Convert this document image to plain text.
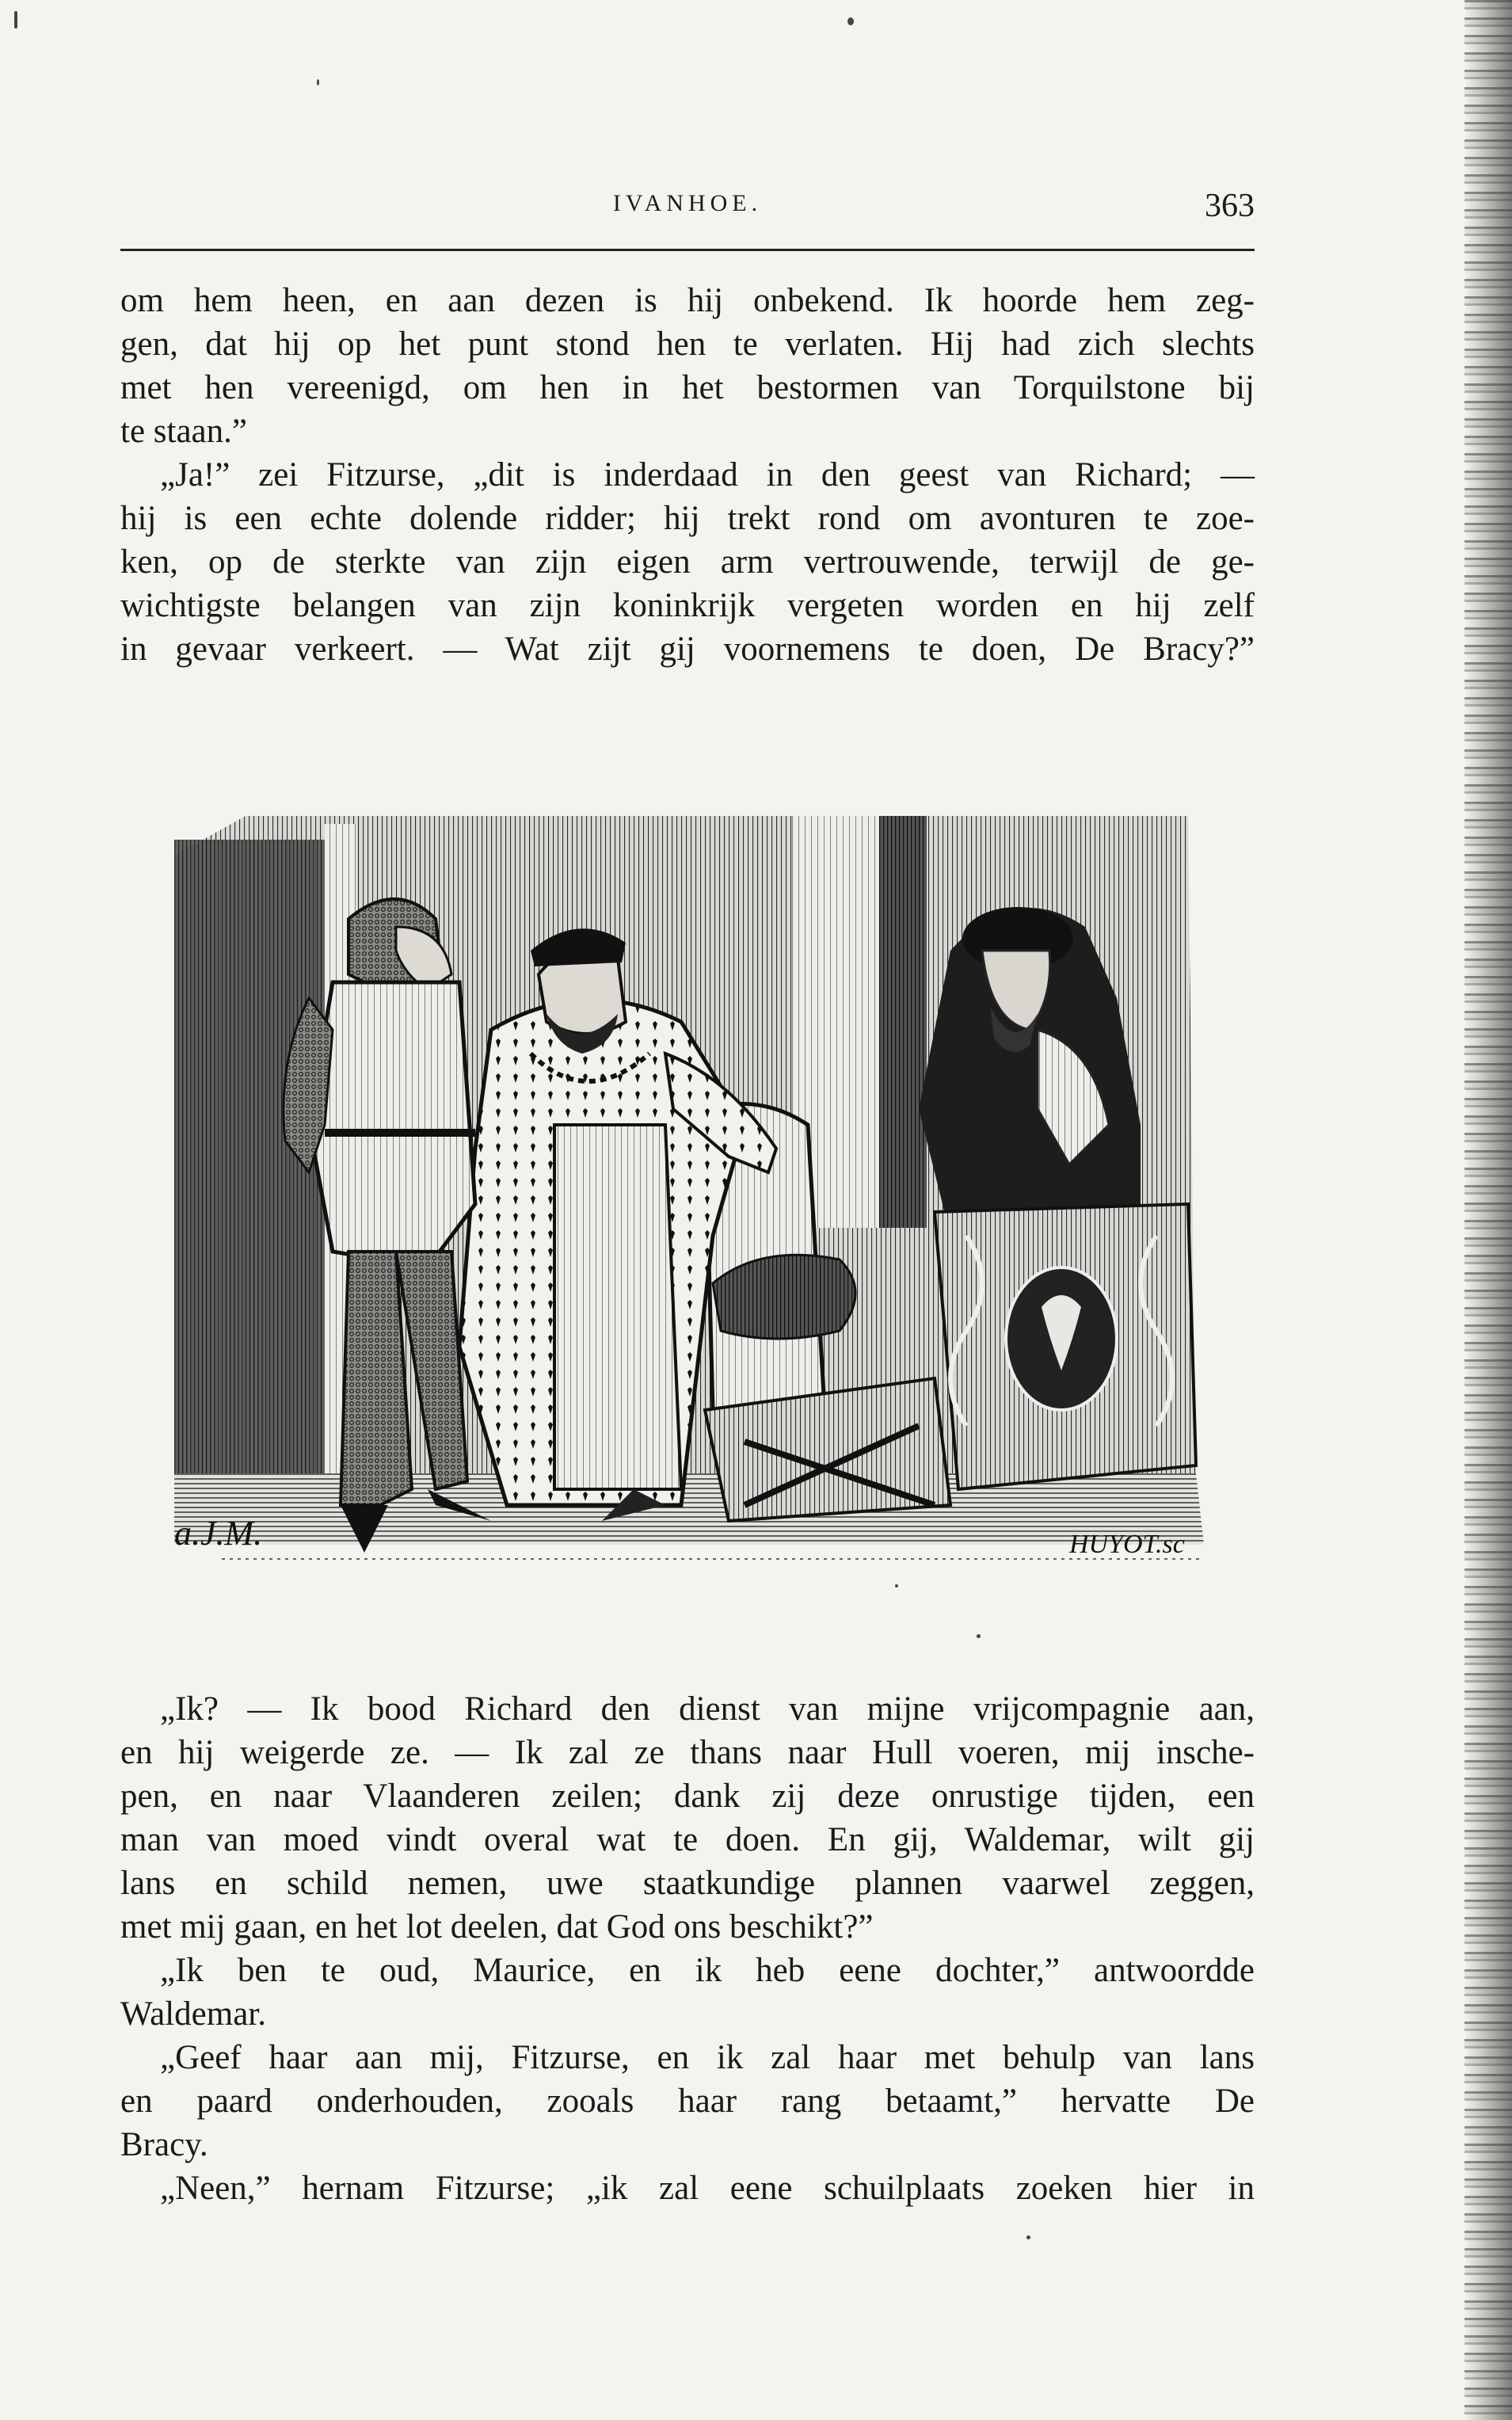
IVANHOE.	363
om hem heen, en aan dezen is hij onbekend. Ik hoorde hem zeg-
gen, dat hij op het punt stond hen te verlaten. Hij had zich slechts
met hen vereenigd, om hen in het bestormen van Torquilstone bij
te staan.”
„Ja!” zei Fitzurse, „dit is inderdaad in den geest van Richard; —
hij is een echte dolende ridder; hij trekt rond om avonturen te zoe-
ken, op de sterkte van zijn eigen arm vertrouwende, terwijl de ge-
wichtigste belangen van zijn koninkrijk vergeten worden en hij zelf
in gevaar verkeert. — Wat zijt gij voornemens te doen, De Bracy?”
a.J.M.	HUYOT.sc
„Ik? — Ik bood Richard den dienst van mijne vrijcompagnie aan,
en hij weigerde ze. — Ik zal ze thans naar Hull voeren, mij insche-
pen, en naar Vlaanderen zeilen; dank zij deze onrustige tijden, een
man van moed vindt overal wat te doen. En gij, Waldemar, wilt gij
lans en schild nemen, uwe staatkundige plannen vaarwel zeggen,
met mij gaan, en het lot deelen, dat God ons beschikt?”
„Ik ben te oud, Maurice, en ik heb eene dochter,” antwoordde
Waldemar.
„Geef haar aan mij, Fitzurse, en ik zal haar met behulp van lans
en paard onderhouden, zooals haar rang betaamt,” hervatte De
Bracy.
„Neen,” hernam Fitzurse; „ik zal eene schuilplaats zoeken hier in
